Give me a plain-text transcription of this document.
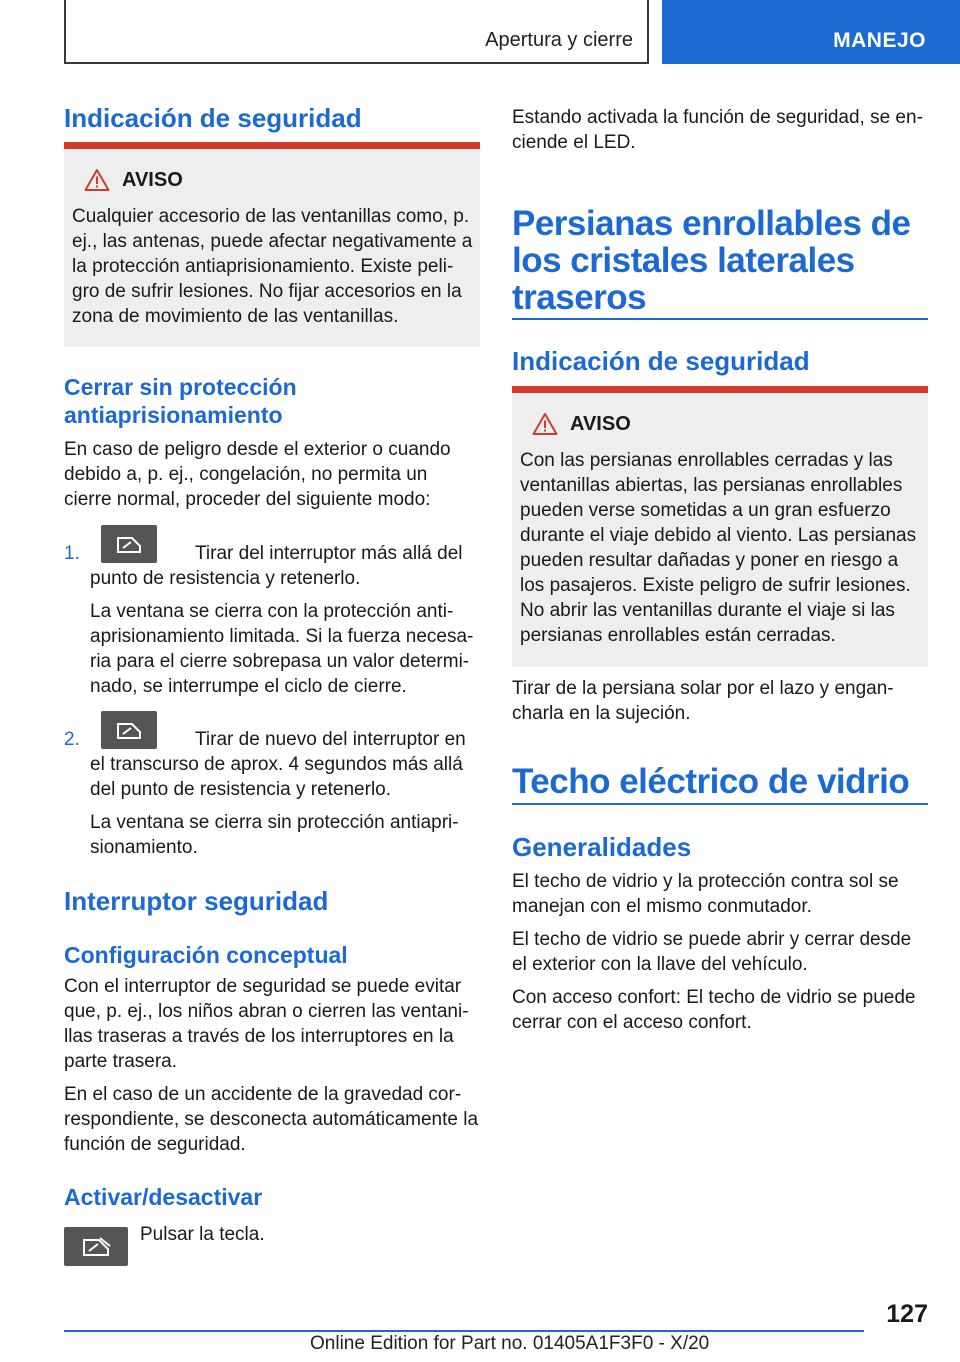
Apertura y cierre	MANEJO
Indicación de seguridad
AVISO
Cualquier accesorio de las ventanillas como, p. ej., las antenas, puede afectar negativamente a la protección antiaprisionamiento. Existe peligro de sufrir lesiones. No fijar accesorios en la zona de movimiento de las ventanillas.
Cerrar sin protección antiaprisionamiento
En caso de peligro desde el exterior o cuando debido a, p. ej., congelación, no permita un cierre normal, proceder del siguiente modo:
1.	Tirar del interruptor más allá del punto de resistencia y retenerlo.
La ventana se cierra con la protección antiaprisionamiento limitada. Si la fuerza necesaria para el cierre sobrepasa un valor determinado, se interrumpe el ciclo de cierre.
2.	Tirar de nuevo del interruptor en el transcurso de aprox. 4 segundos más allá del punto de resistencia y retenerlo.
La ventana se cierra sin protección antiaprisionamiento.
Interruptor seguridad
Configuración conceptual
Con el interruptor de seguridad se puede evitar que, p. ej., los niños abran o cierren las ventanillas traseras a través de los interruptores en la parte trasera.
En el caso de un accidente de la gravedad correspondiente, se desconecta automáticamente la función de seguridad.
Activar/desactivar
Pulsar la tecla.
Estando activada la función de seguridad, se enciende el LED.
Persianas enrollables de los cristales laterales traseros
Indicación de seguridad
AVISO
Con las persianas enrollables cerradas y las ventanillas abiertas, las persianas enrollables pueden verse sometidas a un gran esfuerzo durante el viaje debido al viento. Las persianas pueden resultar dañadas y poner en riesgo a los pasajeros. Existe peligro de sufrir lesiones. No abrir las ventanillas durante el viaje si las persianas enrollables están cerradas.
Tirar de la persiana solar por el lazo y engancharla en la sujeción.
Techo eléctrico de vidrio
Generalidades
El techo de vidrio y la protección contra sol se manejan con el mismo conmutador.
El techo de vidrio se puede abrir y cerrar desde el exterior con la llave del vehículo.
Con acceso confort: El techo de vidrio se puede cerrar con el acceso confort.
127
Online Edition for Part no. 01405A1F3F0 - X/20
